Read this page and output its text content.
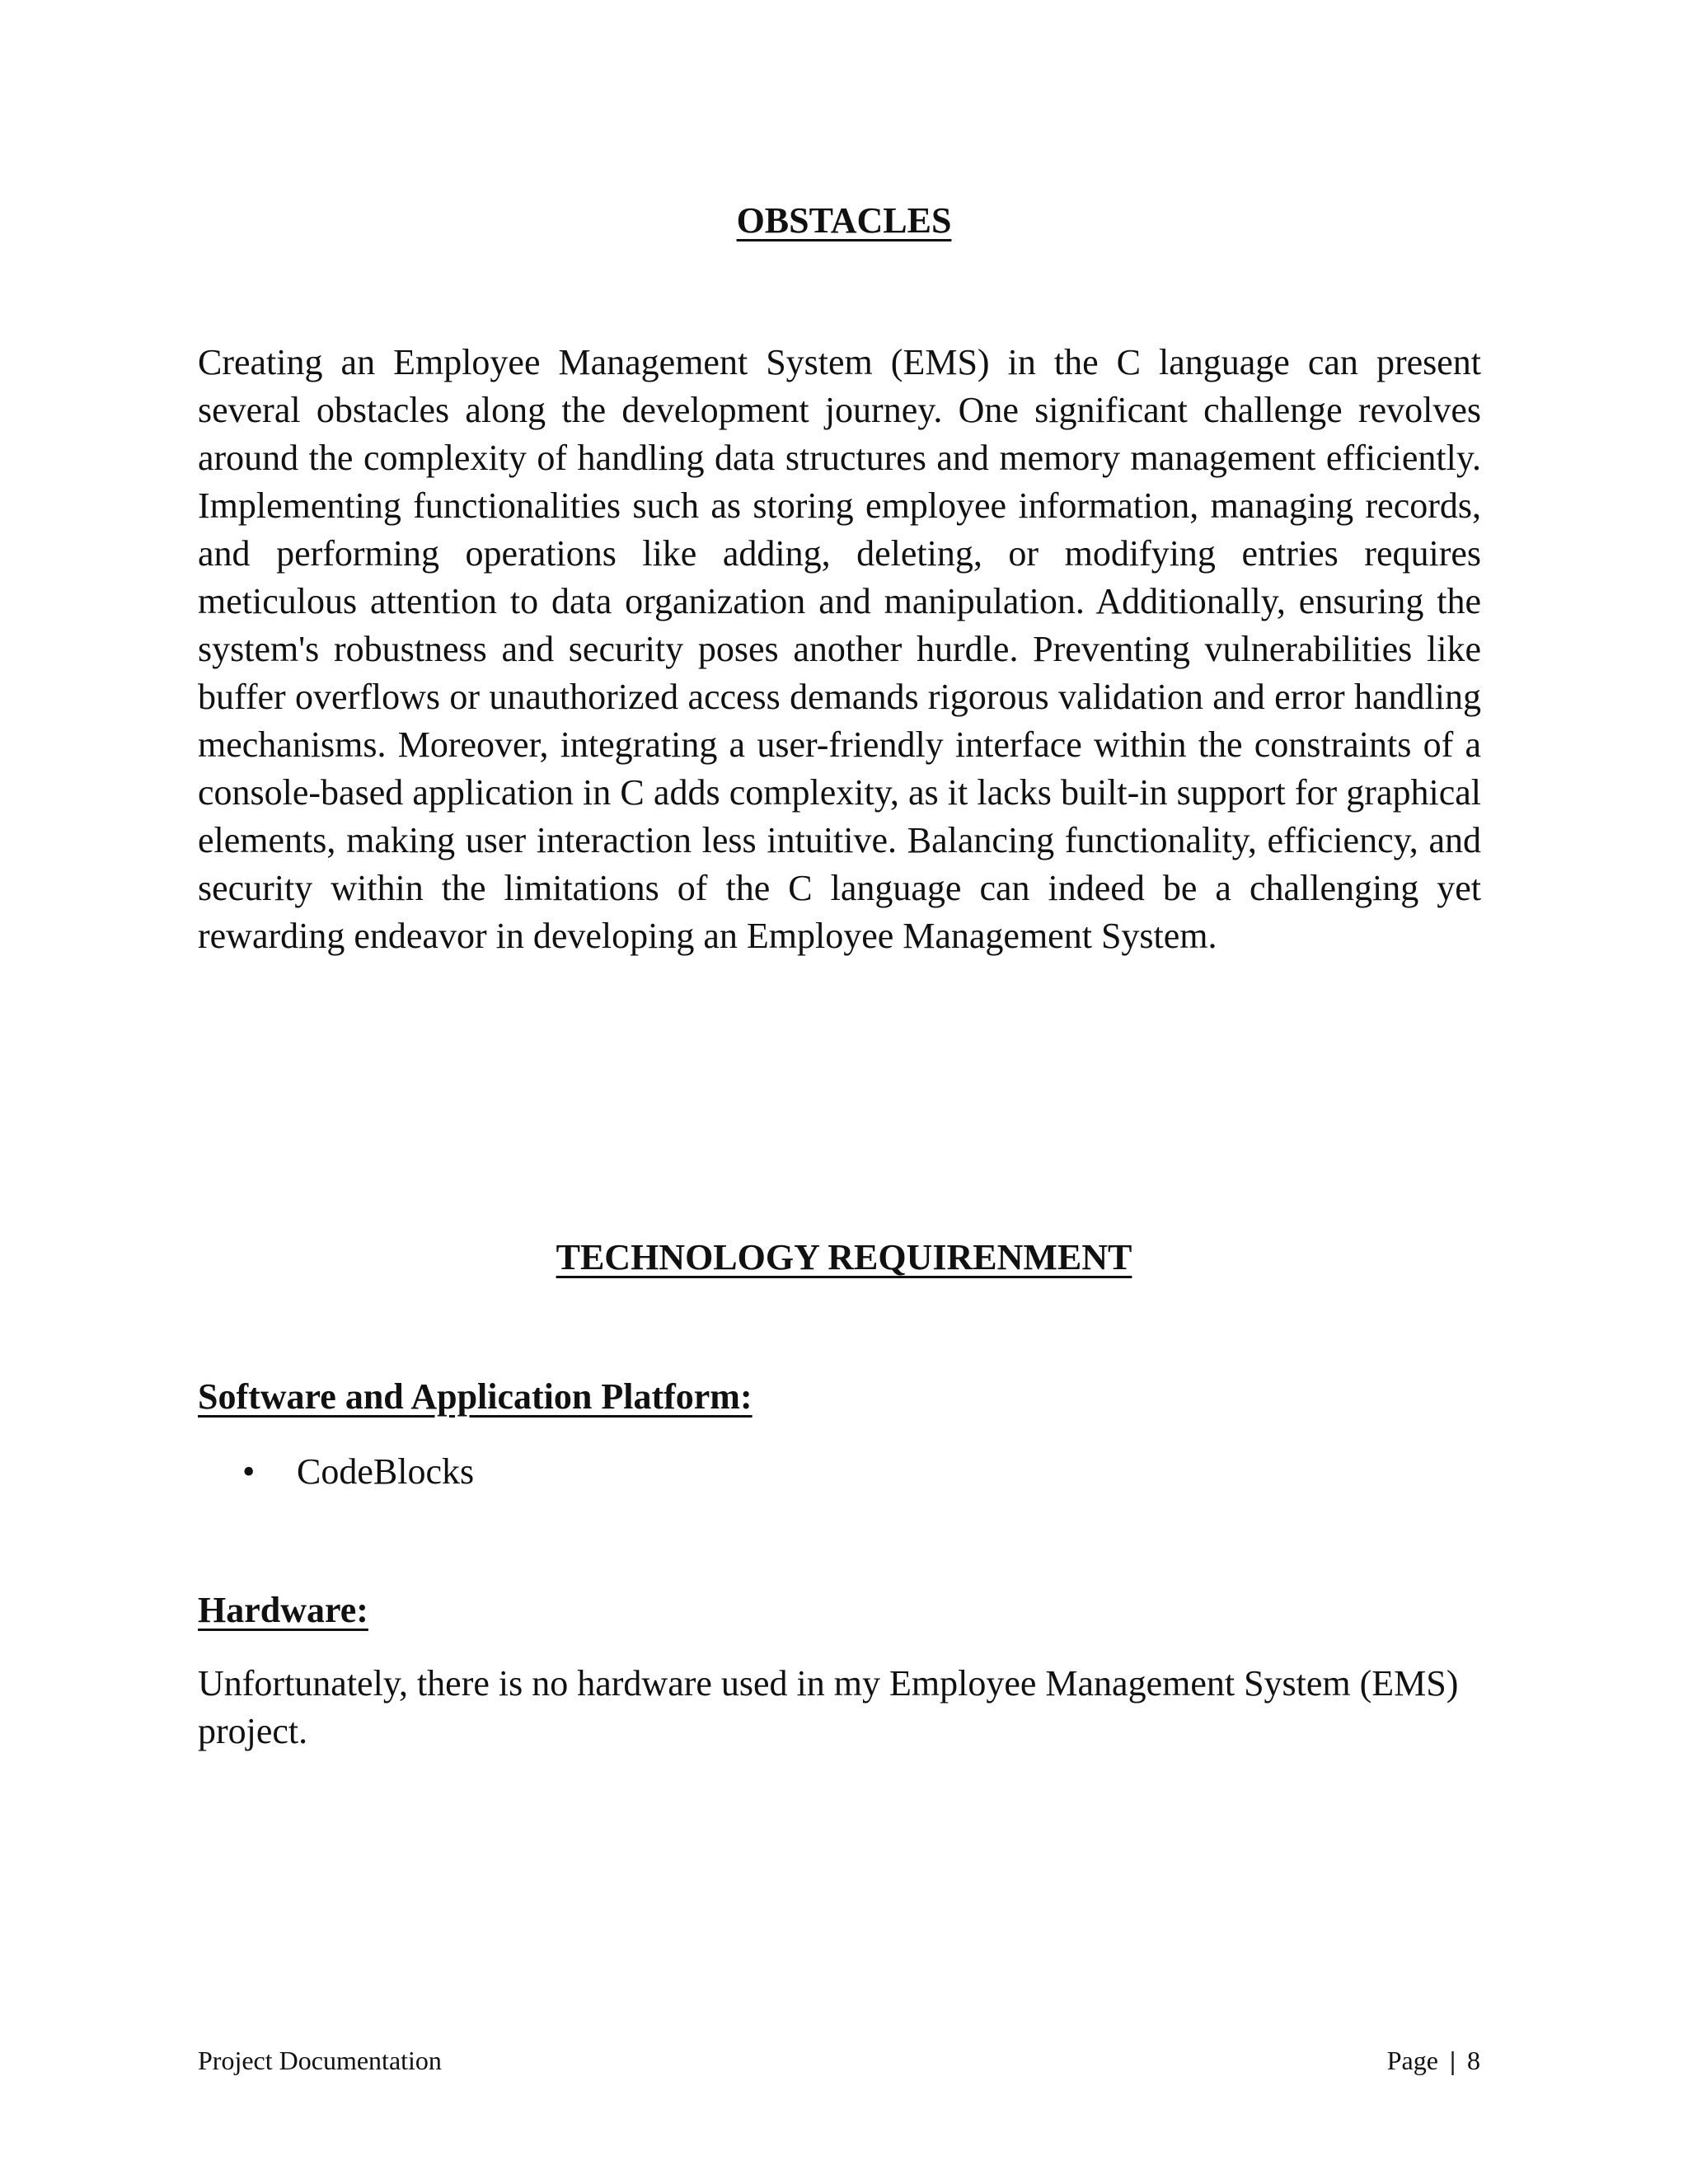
OBSTACLES

Creating an Employee Management System (EMS) in the C language can present several obstacles along the development journey. One significant challenge revolves around the complexity of handling data structures and memory management efficiently. Implementing functionalities such as storing employee information, managing records, and performing operations like adding, deleting, or modifying entries requires meticulous attention to data organization and manipulation. Additionally, ensuring the system's robustness and security poses another hurdle. Preventing vulnerabilities like buffer overflows or unauthorized access demands rigorous validation and error handling mechanisms. Moreover, integrating a user-friendly interface within the constraints of a console-based application in C adds complexity, as it lacks built-in support for graphical elements, making user interaction less intuitive. Balancing functionality, efficiency, and security within the limitations of the C language can indeed be a challenging yet rewarding endeavor in developing an Employee Management System.

TECHNOLOGY REQUIRENMENT
Software and Application Platform:
• CodeBlocks
Hardware:

Unfortunately, there is no hardware used in my Employee Management System (EMS) project.

Project Documentation	Page | 8
